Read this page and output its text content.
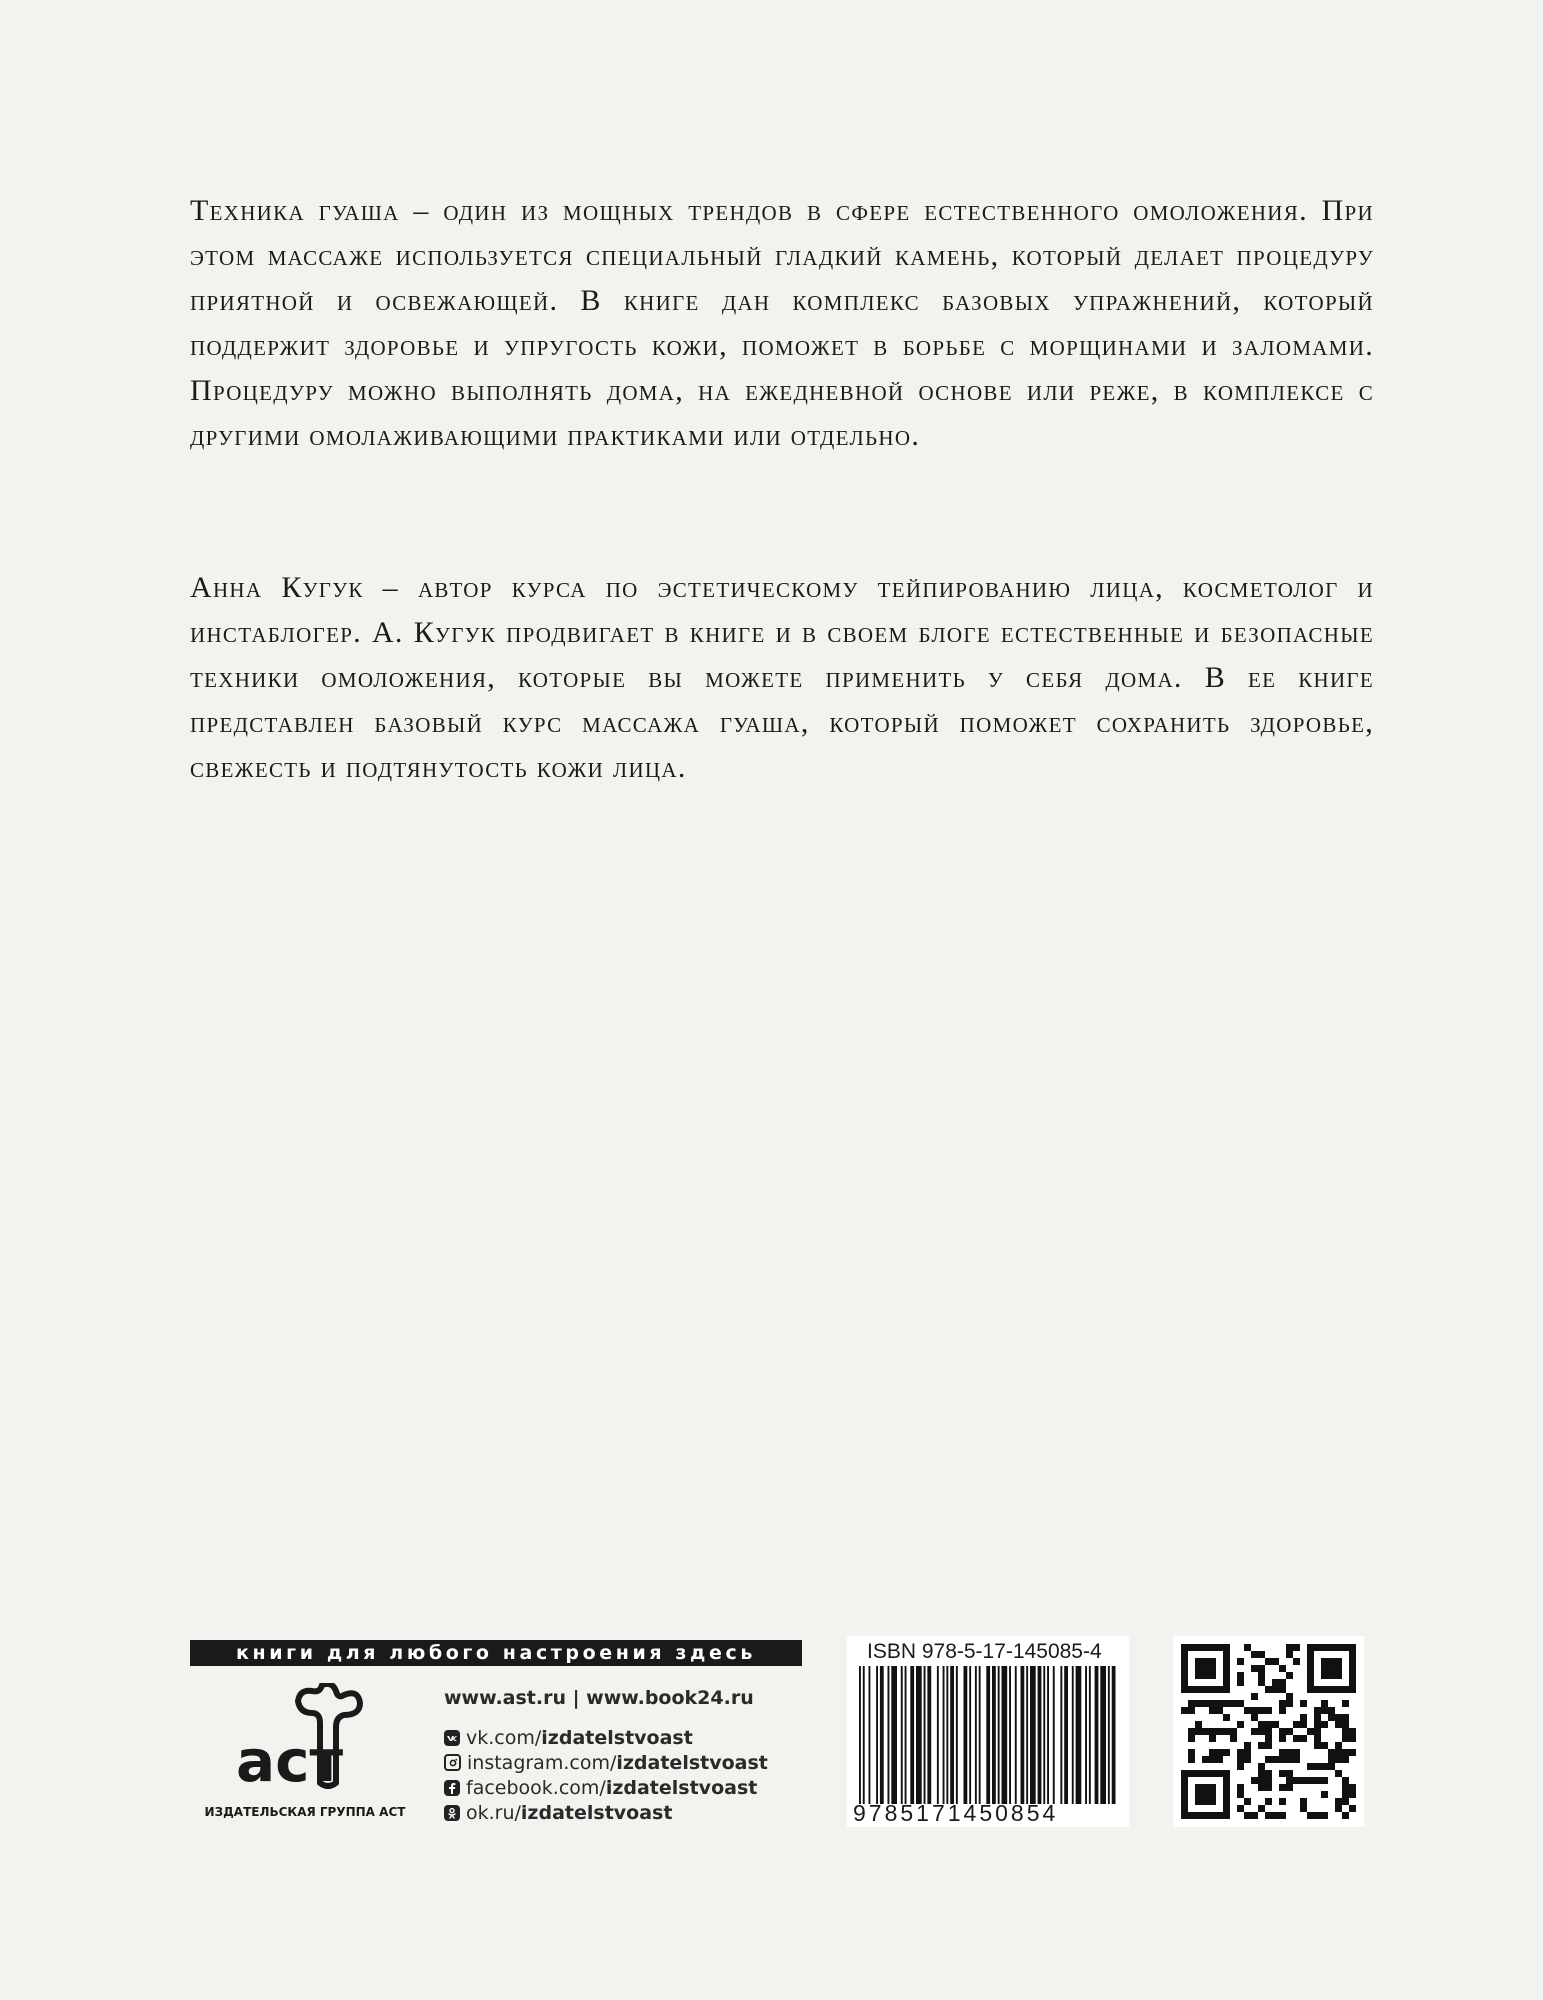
Техника гуаша – один из мощных трендов в сфере естественного омоложения. При этом массаже используется специальный гладкий камень, который делает процедуру приятной и освежающей. В книге дан комплекс базовых упражнений, который поддержит здоровье и упругость кожи, поможет в борьбе с морщинами и заломами. Процедуру можно выполнять дома, на ежедневной основе или реже, в комплексе с другими омолаживающими практиками или отдельно.
Анна Кугук – автор курса по эстетическому тейпированию лица, косметолог и инстаблогер. А. Кугук продвигает в книге и в своем блоге естественные и безопасные техники омоложения, которые вы можете применить у себя дома. В ее книге представлен базовый курс массажа гуаша, который поможет сохранить здоровье, свежесть и подтянутость кожи лица.
книги для любого настроения здесь
аст
ИЗДАТЕЛЬСКАЯ ГРУППА АСТ
www.ast.ru | www.book24.ru
vk.com/ izdatelstvoast
instagram.com/ izdatelstvoast
facebook.com/ izdatelstvoast
ok.ru/ izdatelstvoast
ISBN 978-5-17-145085-4
9785171450854
